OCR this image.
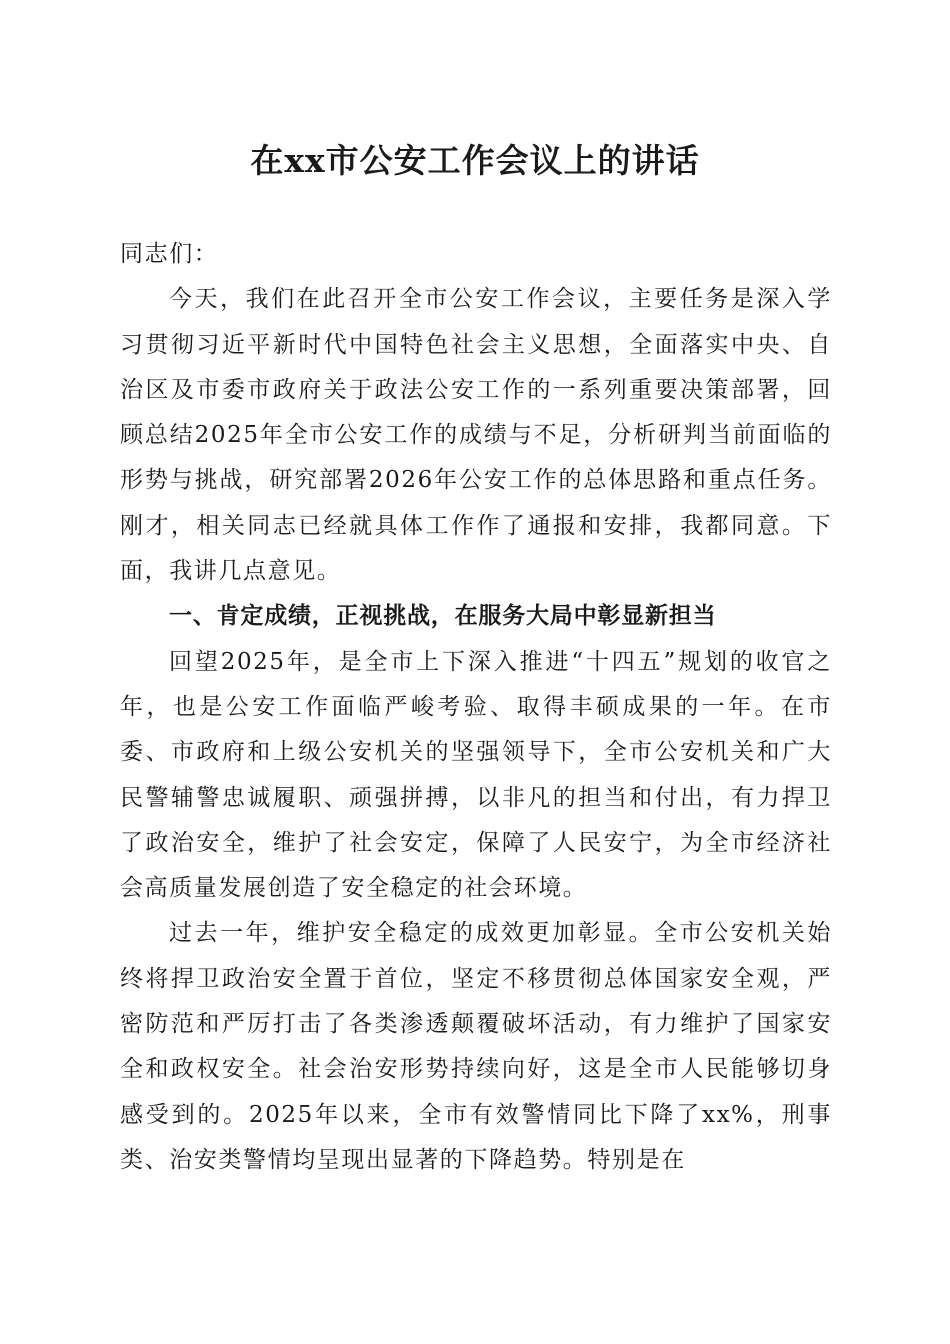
在xx市公安工作会议上的讲话

同志们：

今天，我们在此召开全市公安工作会议，主要任务是深入学习贯彻习近平新时代中国特色社会主义思想，全面落实中央、自治区及市委市政府关于政法公安工作的一系列重要决策部署，回顾总结2025年全市公安工作的成绩与不足，分析研判当前面临的形势与挑战，研究部署2026年公安工作的总体思路和重点任务。刚才，相关同志已经就具体工作作了通报和安排，我都同意。下面，我讲几点意见。

一、肯定成绩，正视挑战，在服务大局中彰显新担当

回望2025年，是全市上下深入推进“十四五”规划的收官之年，也是公安工作面临严峻考验、取得丰硕成果的一年。在市委、市政府和上级公安机关的坚强领导下，全市公安机关和广大民警辅警忠诚履职、顽强拼搏，以非凡的担当和付出，有力捍卫了政治安全，维护了社会安定，保障了人民安宁，为全市经济社会高质量发展创造了安全稳定的社会环境。

过去一年，维护安全稳定的成效更加彰显。全市公安机关始终将捍卫政治安全置于首位，坚定不移贯彻总体国家安全观，严密防范和严厉打击了各类渗透颠覆破坏活动，有力维护了国家安全和政权安全。社会治安形势持续向好，这是全市人民能够切身感受到的。2025年以来，全市有效警情同比下降了xx%，刑事类、治安类警情均呈现出显著的下降趋势。特别是在
